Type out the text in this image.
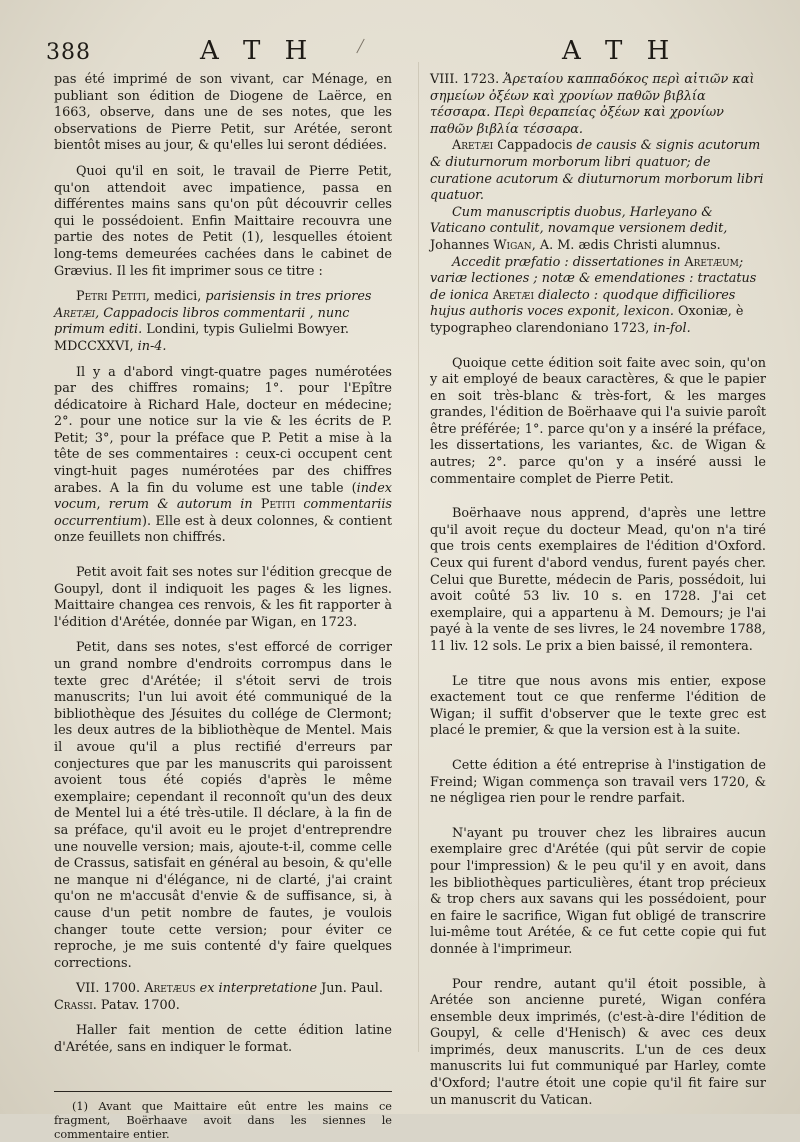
388	A T H	A T H

pas été imprimé de son vivant, car Ménage, en publiant son édition de Diogene de Laërce, en 1663, observe, dans une de ses notes, que les observations de Pierre Petit, sur Arétée, seront bientôt mises au jour, & qu'elles lui seront dédiées.

Quoi qu'il en soit, le travail de Pierre Petit, qu'on attendoit avec impatience, passa en différentes mains sans qu'on pût découvrir celles qui le possédoient. Enfin Maittaire recouvra une partie des notes de Petit (1), lesquelles étoient long-tems demeurées cachées dans le cabinet de Grævius. Il les fit imprimer sous ce titre :

Petri Petiti, medici, parisiensis in tres priores Aretæi, Cappadocis libros commentarii , nunc primum editi. Londini, typis Gulielmi Bowyer. MDCCXXVI, in-4.

Il y a d'abord vingt-quatre pages numérotées par des chiffres romains; 1°. pour l'Epître dédicatoire à Richard Hale, docteur en médecine; 2°. pour une notice sur la vie & les écrits de P. Petit; 3°, pour la préface que P. Petit a mise à la tête de ses commentaires : ceux-ci occupent cent vingt-huit pages numérotées par des chiffres arabes. A la fin du volume est une table (index vocum, rerum & autorum in Petiti commentariis occurrentium). Elle est à deux colonnes, & contient onze feuillets non chiffrés.

Petit avoit fait ses notes sur l'édition grecque de Goupyl, dont il indiquoit les pages & les lignes. Maittaire changea ces renvois, & les fit rapporter à l'édition d'Arétée, donnée par Wigan, en 1723.

Petit, dans ses notes, s'est efforcé de corriger un grand nombre d'endroits corrompus dans le texte grec d'Arétée; il s'étoit servi de trois manuscrits; l'un lui avoit été communiqué de la bibliothèque des Jésuites du collége de Clermont; les deux autres de la bibliothèque de Mentel. Mais il avoue qu'il a plus rectifié d'erreurs par conjectures que par les manuscrits qui paroissent avoient tous été copiés d'après le même exemplaire; cependant il reconnoît qu'un des deux de Mentel lui a été très-utile. Il déclare, à la fin de sa préface, qu'il avoit eu le projet d'entreprendre une nouvelle version; mais, ajoute-t-il, comme celle de Crassus, satisfait en général au besoin, & qu'elle ne manque ni d'élégance, ni de clarté, j'ai craint qu'on ne m'accusât d'envie & de suffisance, si, à cause d'un petit nombre de fautes, je voulois changer toute cette version; pour éviter ce reproche, je me suis contenté d'y faire quelques corrections.

VII. 1700. Aretæus ex interpretatione Jun. Paul. Crassi. Patav. 1700.

Haller fait mention de cette édition latine d'Arétée, sans en indiquer le format.

(1) Avant que Maittaire eût entre les mains ce fragment, Boërhaave avoit dans les siennes le commentaire entier.

VIII. 1723. Ἀρεταίου καππαδόκος περὶ αἰτιῶν καὶ σημείων ὀξέων καὶ χρονίων παθῶν βιβλία τέσσαρα. Περὶ θεραπείας ὀξέων καὶ χρονίων παθῶν βιβλία τέσσαρα.

Aretæi Cappadocis de causis & signis acutorum & diuturnorum morborum libri quatuor; de curatione acutorum & diuturnorum morborum libri quatuor.

Cum manuscriptis duobus, Harleyano & Vaticano contulit, novamque versionem dedit, Johannes Wigan, A. M. ædis Christi alumnus.

Accedit præfatio : dissertationes in Aretæum; variæ lectiones ; notæ & emendationes : tractatus de ionica Aretæi dialecto : quodque difficiliores hujus authoris voces exponit, lexicon. Oxoniæ, è typographeo clarendoniano 1723, in-fol.

Quoique cette édition soit faite avec soin, qu'on y ait employé de beaux caractères, & que le papier en soit très-blanc & très-fort, & les marges grandes, l'édition de Boërhaave qui l'a suivie paroît être préférée; 1°. parce qu'on y a inséré la préface, les dissertations, les variantes, &c. de Wigan & autres; 2°. parce qu'on y a inséré aussi le commentaire complet de Pierre Petit.

Boërhaave nous apprend, d'après une lettre qu'il avoit reçue du docteur Mead, qu'on n'a tiré que trois cents exemplaires de l'édition d'Oxford. Ceux qui furent d'abord vendus, furent payés cher. Celui que Burette, médecin de Paris, possédoit, lui avoit coûté 53 liv. 10 s. en 1728. J'ai cet exemplaire, qui a appartenu à M. Demours; je l'ai payé à la vente de ses livres, le 24 novembre 1788, 11 liv. 12 sols. Le prix a bien baissé, il remontera.

Le titre que nous avons mis entier, expose exactement tout ce que renferme l'édition de Wigan; il suffit d'observer que le texte grec est placé le premier, & que la version est à la suite.

Cette édition a été entreprise à l'instigation de Freind; Wigan commença son travail vers 1720, & ne négligea rien pour le rendre parfait.

N'ayant pu trouver chez les libraires aucun exemplaire grec d'Arétée (qui pût servir de copie pour l'impression) & le peu qu'il y en avoit, dans les bibliothèques particulières, étant trop précieux & trop chers aux savans qui les possédoient, pour en faire le sacrifice, Wigan fut obligé de transcrire lui-même tout Arétée, & ce fut cette copie qui fut donnée à l'imprimeur.

Pour rendre, autant qu'il étoit possible, à Arétée son ancienne pureté, Wigan conféra ensemble deux imprimés, (c'est-à-dire l'édition de Goupyl, & celle d'Henisch) & avec ces deux imprimés, deux manuscrits. L'un de ces deux manuscrits lui fut communiqué par Harley, comte d'Oxford; l'autre étoit une copie qu'il fit faire sur un manuscrit du Vatican.
